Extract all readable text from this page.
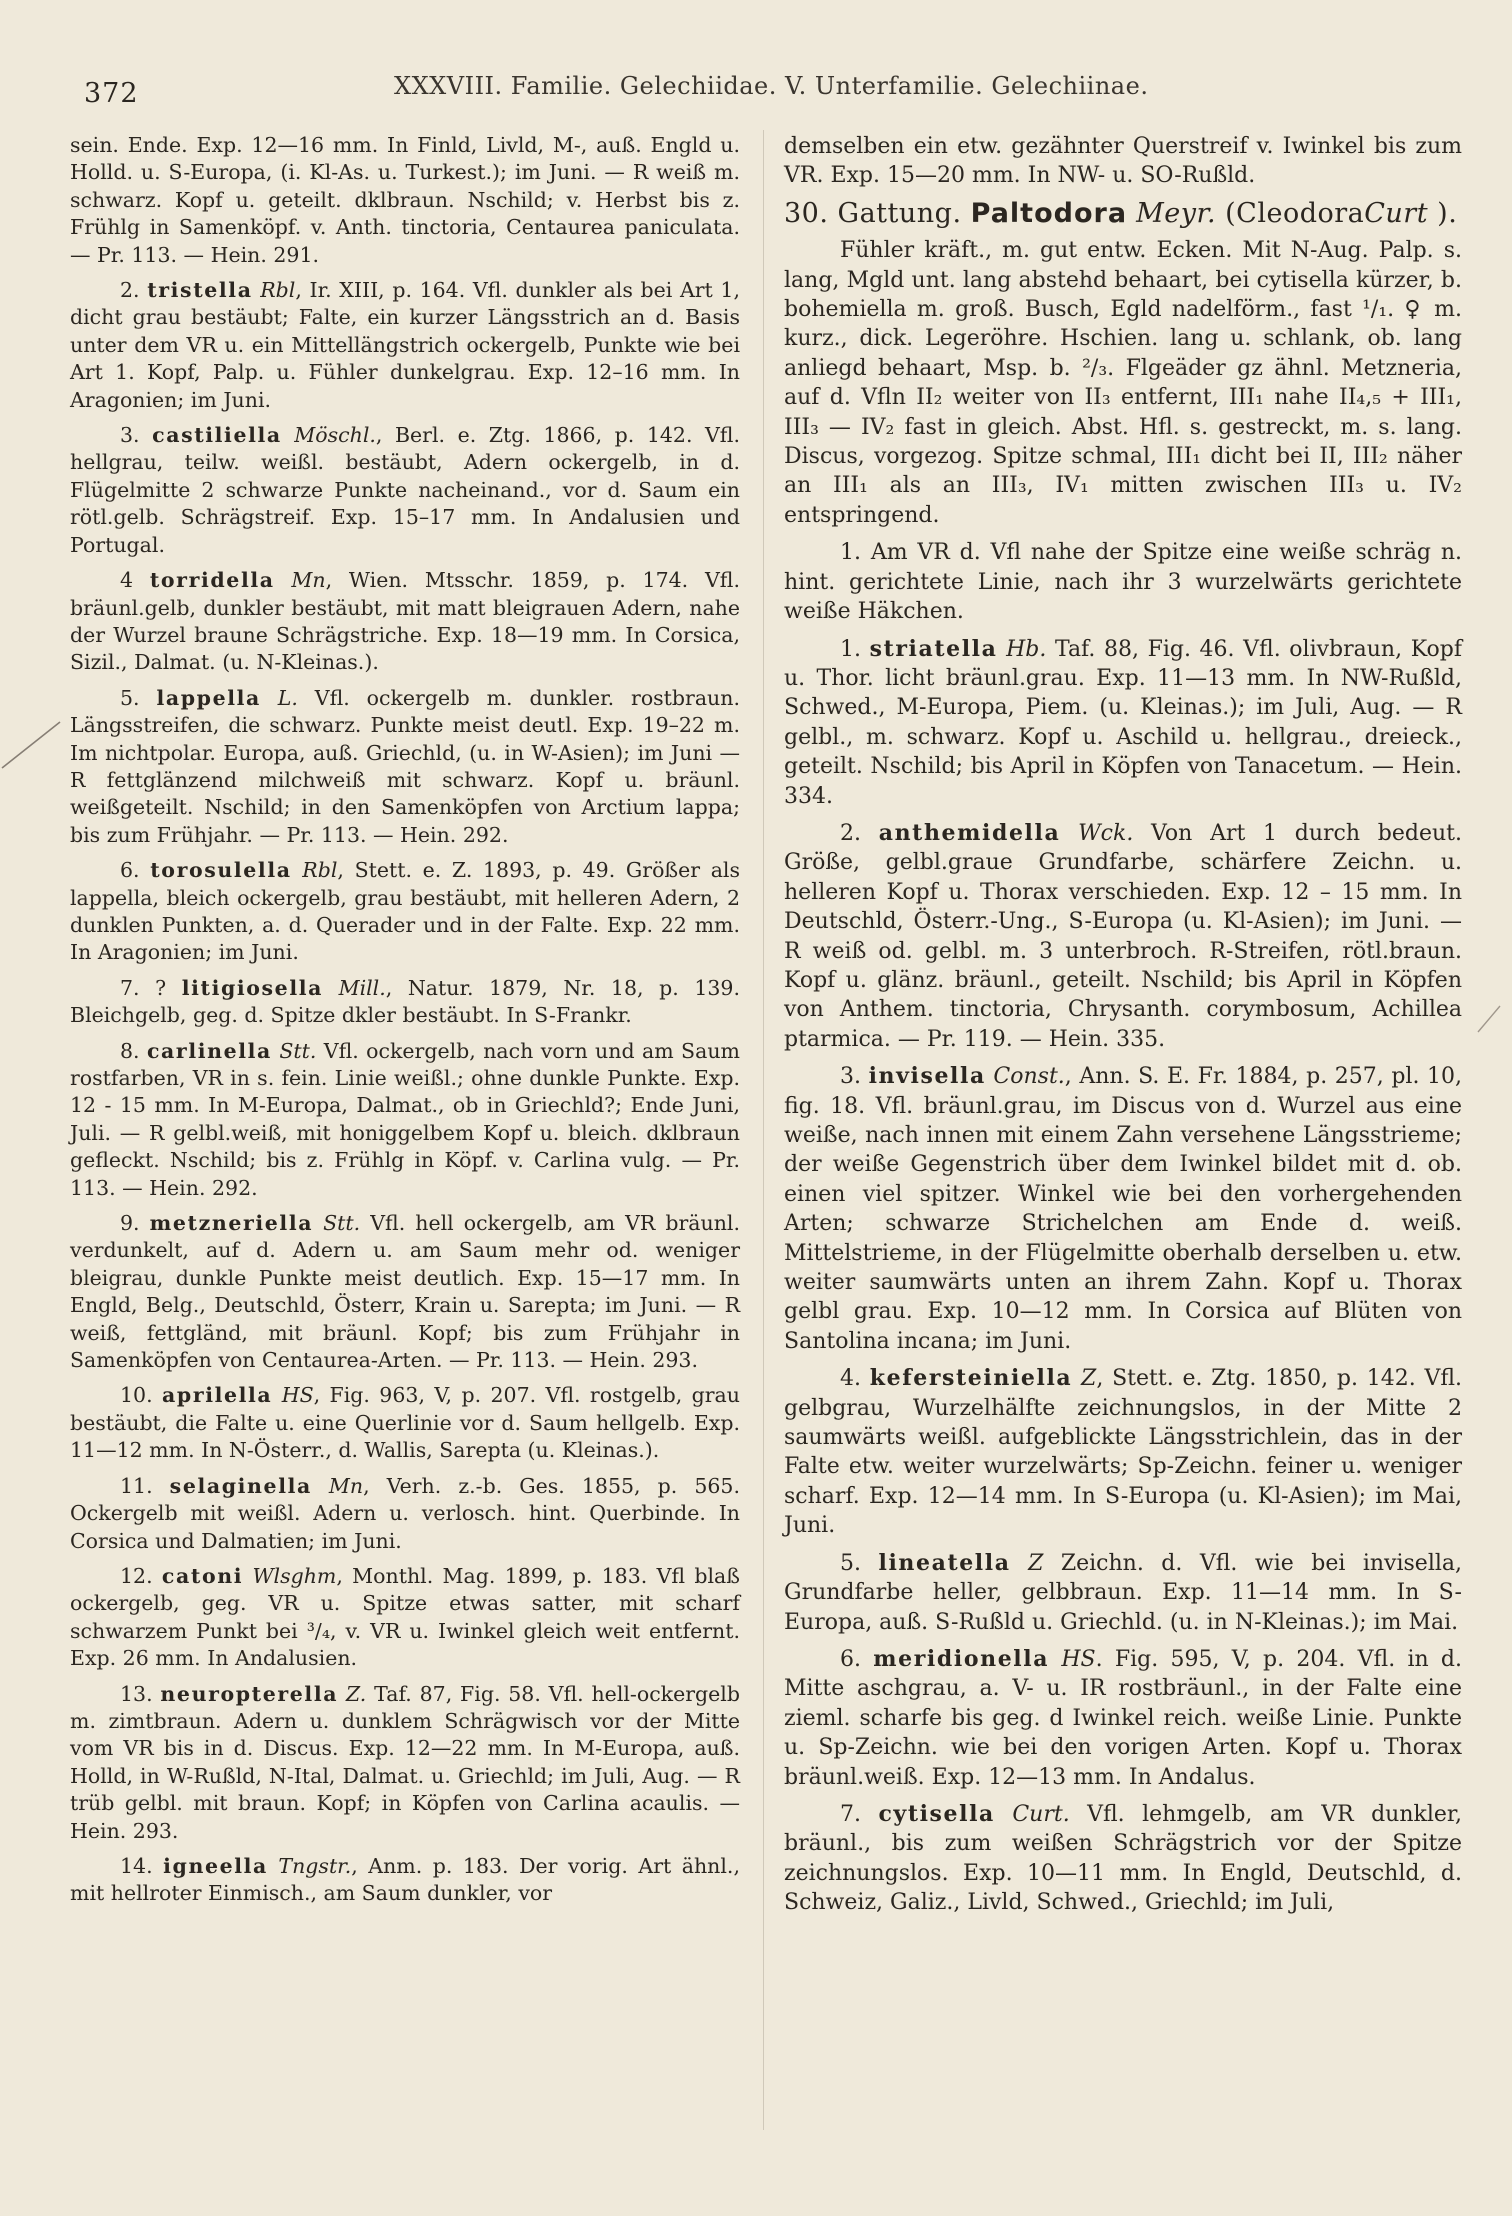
372	XXXVIII. Familie. Gelechiidae. V. Unterfamilie. Gelechiinae.

sein. Ende. Exp. 12—16 mm. In Finld, Livld, M-, auß. Engld u. Holld. u. S-Europa, (i. Kl-As. u. Turkest.); im Juni. — R weiß m. schwarz. Kopf u. geteilt. dklbraun. Nschild; v. Herbst bis z. Frühlg in Samenköpf. v. Anth. tinctoria, Centaurea paniculata. — Pr. 113. — Hein. 291.

2. tristella Rbl, Ir. XIII, p. 164. Vfl. dunkler als bei Art 1, dicht grau bestäubt; Falte, ein kurzer Längsstrich an d. Basis unter dem VR u. ein Mittellängstrich ockergelb, Punkte wie bei Art 1. Kopf, Palp. u. Fühler dunkelgrau. Exp. 12–16 mm. In Aragonien; im Juni.

3. castiliella Möschl., Berl. e. Ztg. 1866, p. 142. Vfl. hellgrau, teilw. weißl. bestäubt, Adern ockergelb, in d. Flügelmitte 2 schwarze Punkte nacheinand., vor d. Saum ein rötl.gelb. Schrägstreif. Exp. 15–17 mm. In Andalusien und Portugal.

4 torridella Mn, Wien. Mtsschr. 1859, p. 174. Vfl. bräunl.gelb, dunkler bestäubt, mit matt bleigrauen Adern, nahe der Wurzel braune Schrägstriche. Exp. 18—19 mm. In Corsica, Sizil., Dalmat. (u. N-Kleinas.).

5. lappella L. Vfl. ockergelb m. dunkler. rostbraun. Längsstreifen, die schwarz. Punkte meist deutl. Exp. 19–22 m. Im nichtpolar. Europa, auß. Griechld, (u. in W-Asien); im Juni — R fettglänzend milchweiß mit schwarz. Kopf u. bräunl. weißgeteilt. Nschild; in den Samenköpfen von Arctium lappa; bis zum Frühjahr. — Pr. 113. — Hein. 292.

6. torosulella Rbl, Stett. e. Z. 1893, p. 49. Größer als lappella, bleich ockergelb, grau bestäubt, mit helleren Adern, 2 dunklen Punkten, a. d. Querader und in der Falte. Exp. 22 mm. In Aragonien; im Juni.

7. ? litigiosella Mill., Natur. 1879, Nr. 18, p. 139. Bleichgelb, geg. d. Spitze dkler bestäubt. In S-Frankr.

8. carlinella Stt. Vfl. ockergelb, nach vorn und am Saum rostfarben, VR in s. fein. Linie weißl.; ohne dunkle Punkte. Exp. 12 - 15 mm. In M-Europa, Dalmat., ob in Griechld?; Ende Juni, Juli. — R gelbl.weiß, mit honiggelbem Kopf u. bleich. dklbraun gefleckt. Nschild; bis z. Frühlg in Köpf. v. Carlina vulg. — Pr. 113. — Hein. 292.

9. metzneriella Stt. Vfl. hell ockergelb, am VR bräunl. verdunkelt, auf d. Adern u. am Saum mehr od. weniger bleigrau, dunkle Punkte meist deutlich. Exp. 15—17 mm. In Engld, Belg., Deutschld, Österr, Krain u. Sarepta; im Juni. — R weiß, fettgländ, mit bräunl. Kopf; bis zum Frühjahr in Samenköpfen von Centaurea-Arten. — Pr. 113. — Hein. 293.

10. aprilella HS, Fig. 963, V, p. 207. Vfl. rostgelb, grau bestäubt, die Falte u. eine Querlinie vor d. Saum hellgelb. Exp. 11—12 mm. In N-Österr., d. Wallis, Sarepta (u. Kleinas.).

11. selaginella Mn, Verh. z.-b. Ges. 1855, p. 565. Ockergelb mit weißl. Adern u. verlosch. hint. Querbinde. In Corsica und Dalmatien; im Juni.

12. catoni Wlsghm, Monthl. Mag. 1899, p. 183. Vfl blaß ockergelb, geg. VR u. Spitze etwas satter, mit scharf schwarzem Punkt bei ³/₄, v. VR u. Iwinkel gleich weit entfernt. Exp. 26 mm. In Andalusien.

13. neuropterella Z. Taf. 87, Fig. 58. Vfl. hell-ockergelb m. zimtbraun. Adern u. dunklem Schrägwisch vor der Mitte vom VR bis in d. Discus. Exp. 12—22 mm. In M-Europa, auß. Holld, in W-Rußld, N-Ital, Dalmat. u. Griechld; im Juli, Aug. — R trüb gelbl. mit braun. Kopf; in Köpfen von Carlina acaulis. — Hein. 293.

14. igneella Tngstr., Anm. p. 183. Der vorig. Art ähnl., mit hellroter Einmisch., am Saum dunkler, vor

demselben ein etw. gezähnter Querstreif v. Iwinkel bis zum VR. Exp. 15—20 mm. In NW- u. SO-Rußld.

30. Gattung. Paltodora Meyr. (CleodoraCurt ).

Fühler kräft., m. gut entw. Ecken. Mit N-Aug. Palp. s. lang, Mgld unt. lang abstehd behaart, bei cytisella kürzer, b. bohemiella m. groß. Busch, Egld nadelförm., fast ¹/₁. ♀ m. kurz., dick. Legeröhre. Hschien. lang u. schlank, ob. lang anliegd behaart, Msp. b. ²/₃. Flgeäder gz ähnl. Metzneria, auf d. Vfln II₂ weiter von II₃ entfernt, III₁ nahe II₄,₅ + III₁, III₃ — IV₂ fast in gleich. Abst. Hfl. s. gestreckt, m. s. lang. Discus, vorgezog. Spitze schmal, III₁ dicht bei II, III₂ näher an III₁ als an III₃, IV₁ mitten zwischen III₃ u. IV₂ entspringend.

1. Am VR d. Vfl nahe der Spitze eine weiße schräg n. hint. gerichtete Linie, nach ihr 3 wurzelwärts gerichtete weiße Häkchen.

1. striatella Hb. Taf. 88, Fig. 46. Vfl. olivbraun, Kopf u. Thor. licht bräunl.grau. Exp. 11—13 mm. In NW-Rußld, Schwed., M-Europa, Piem. (u. Kleinas.); im Juli, Aug. — R gelbl., m. schwarz. Kopf u. Aschild u. hellgrau., dreieck., geteilt. Nschild; bis April in Köpfen von Tanacetum. — Hein. 334.

2. anthemidella Wck. Von Art 1 durch bedeut. Größe, gelbl.graue Grundfarbe, schärfere Zeichn. u. helleren Kopf u. Thorax verschieden. Exp. 12 – 15 mm. In Deutschld, Österr.-Ung., S-Europa (u. Kl-Asien); im Juni. — R weiß od. gelbl. m. 3 unterbroch. R-Streifen, rötl.braun. Kopf u. glänz. bräunl., geteilt. Nschild; bis April in Köpfen von Anthem. tinctoria, Chrysanth. corymbosum, Achillea ptarmica. — Pr. 119. — Hein. 335.

3. invisella Const., Ann. S. E. Fr. 1884, p. 257, pl. 10, fig. 18. Vfl. bräunl.grau, im Discus von d. Wurzel aus eine weiße, nach innen mit einem Zahn versehene Längsstrieme; der weiße Gegenstrich über dem Iwinkel bildet mit d. ob. einen viel spitzer. Winkel wie bei den vorhergehenden Arten; schwarze Strichelchen am Ende d. weiß. Mittelstrieme, in der Flügelmitte oberhalb derselben u. etw. weiter saumwärts unten an ihrem Zahn. Kopf u. Thorax gelbl grau. Exp. 10—12 mm. In Corsica auf Blüten von Santolina incana; im Juni.

4. kefersteiniella Z, Stett. e. Ztg. 1850, p. 142. Vfl. gelbgrau, Wurzelhälfte zeichnungslos, in der Mitte 2 saumwärts weißl. aufgeblickte Längsstrichlein, das in der Falte etw. weiter wurzelwärts; Sp-Zeichn. feiner u. weniger scharf. Exp. 12—14 mm. In S-Europa (u. Kl-Asien); im Mai, Juni.

5. lineatella Z Zeichn. d. Vfl. wie bei invisella, Grundfarbe heller, gelbbraun. Exp. 11—14 mm. In S-Europa, auß. S-Rußld u. Griechld. (u. in N-Kleinas.); im Mai.

6. meridionella HS. Fig. 595, V, p. 204. Vfl. in d. Mitte aschgrau, a. V- u. IR rostbräunl., in der Falte eine zieml. scharfe bis geg. d Iwinkel reich. weiße Linie. Punkte u. Sp-Zeichn. wie bei den vorigen Arten. Kopf u. Thorax bräunl.weiß. Exp. 12—13 mm. In Andalus.

7. cytisella Curt. Vfl. lehmgelb, am VR dunkler, bräunl., bis zum weißen Schrägstrich vor der Spitze zeichnungslos. Exp. 10—11 mm. In Engld, Deutschld, d. Schweiz, Galiz., Livld, Schwed., Griechld; im Juli,
